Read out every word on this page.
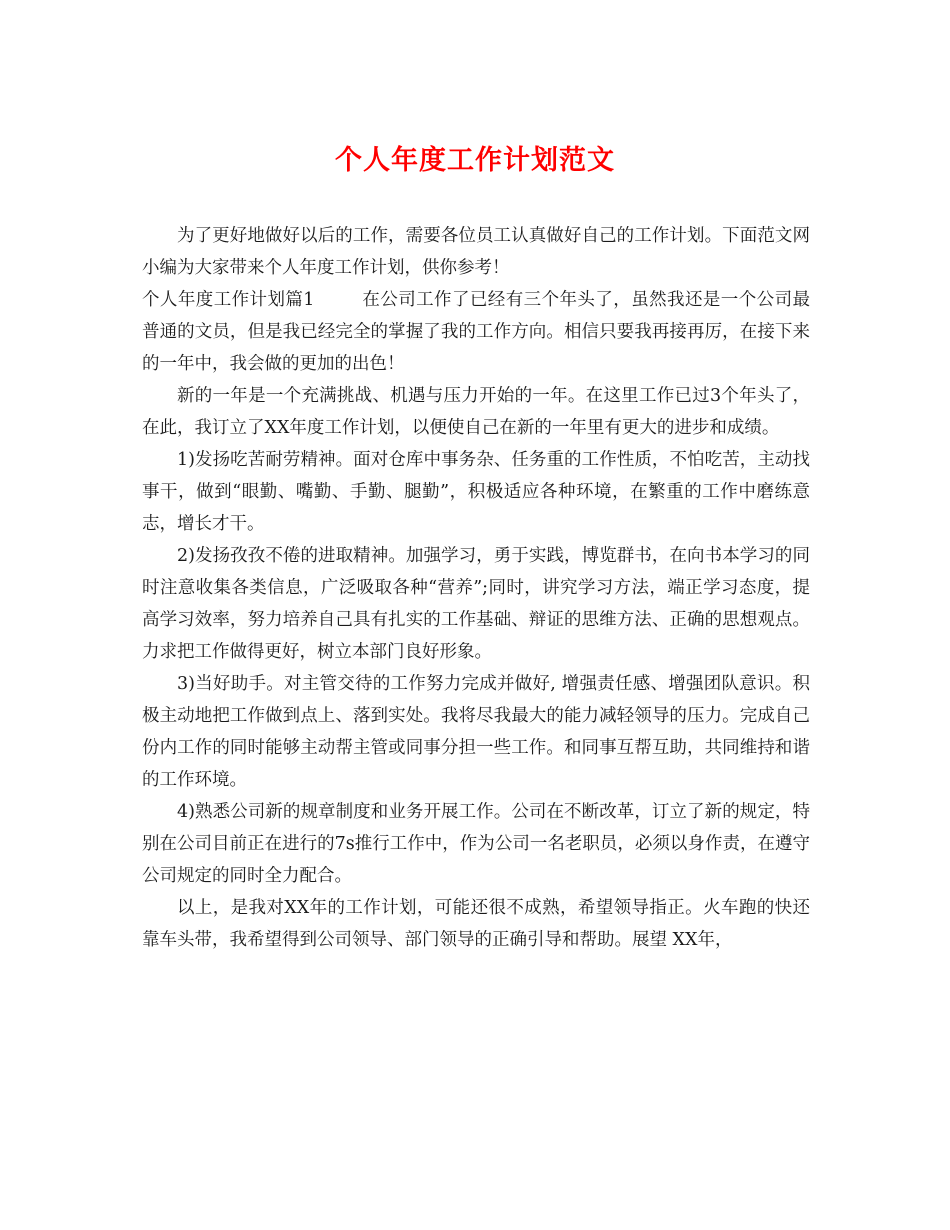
个人年度工作计划范文

为了更好地做好以后的工作，需要各位员工认真做好自己的工作计划。下面范文网小编为大家带来个人年度工作计划，供你参考！

个人年度工作计划篇1	在公司工作了已经有三个年头了，虽然我还是一个公司最普通的文员，但是我已经完全的掌握了我的工作方向。相信只要我再接再厉，在接下来的一年中，我会做的更加的出色！

新的一年是一个充满挑战、机遇与压力开始的一年。在这里工作已过3个年头了，在此，我订立了XX年度工作计划，以便使自己在新的一年里有更大的进步和成绩。

1)发扬吃苦耐劳精神。面对仓库中事务杂、任务重的工作性质，不怕吃苦，主动找事干，做到“眼勤、嘴勤、手勤、腿勤”，积极适应各种环境，在繁重的工作中磨练意志，增长才干。

2)发扬孜孜不倦的进取精神。加强学习，勇于实践，博览群书，在向书本学习的同时注意收集各类信息，广泛吸取各种“营养”;同时，讲究学习方法，端正学习态度，提高学习效率，努力培养自己具有扎实的工作基础、辩证的思维方法、正确的思想观点。力求把工作做得更好，树立本部门良好形象。

3)当好助手。对主管交待的工作努力完成并做好, 增强责任感、增强团队意识。积极主动地把工作做到点上、落到实处。我将尽我最大的能力减轻领导的压力。完成自己份内工作的同时能够主动帮主管或同事分担一些工作。和同事互帮互助，共同维持和谐的工作环境。

4)熟悉公司新的规章制度和业务开展工作。公司在不断改革，订立了新的规定，特别在公司目前正在进行的7s推行工作中，作为公司一名老职员，必须以身作责，在遵守公司规定的同时全力配合。

以上，是我对XX年的工作计划，可能还很不成熟，希望领导指正。火车跑的快还靠车头带，我希望得到公司领导、部门领导的正确引导和帮助。展望 XX年，
